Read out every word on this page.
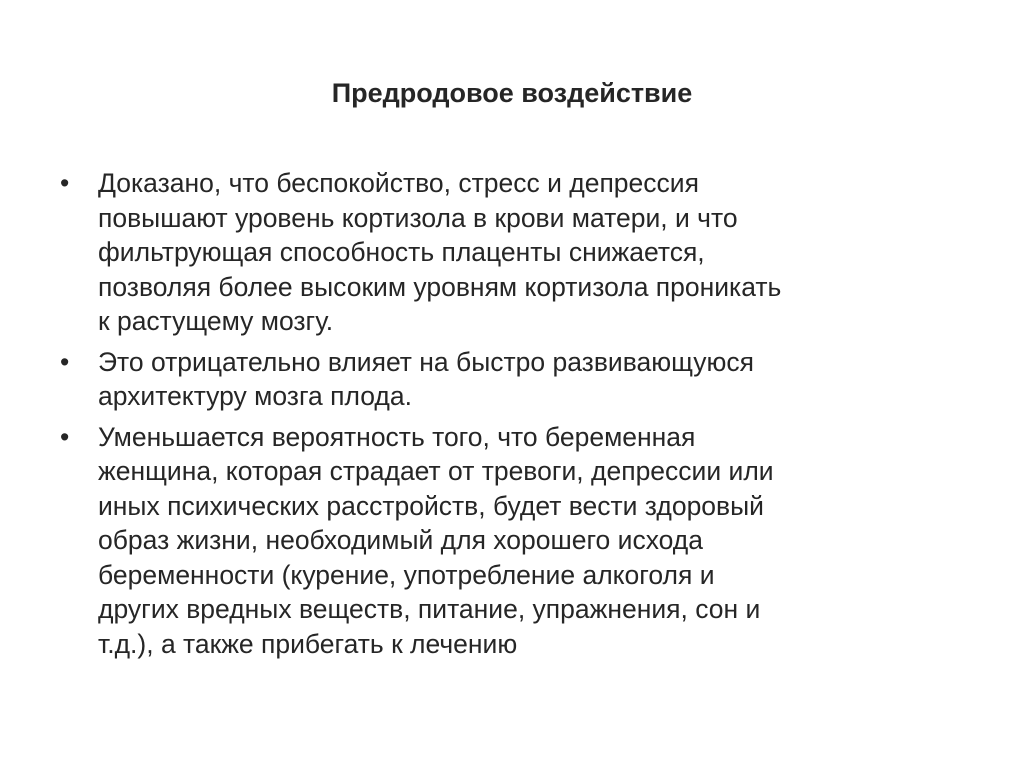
Предродовое воздействие
•	Доказано, что беспокойство, стресс и депрессия
повышают уровень кортизола в крови матери, и что
фильтрующая способность плаценты снижается,
позволяя более высоким уровням кортизола проникать
к растущему мозгу.
•	Это отрицательно влияет на быстро развивающуюся
архитектуру мозга плода.
•	Уменьшается вероятность того, что беременная
женщина, которая страдает от тревоги, депрессии или
иных психических расстройств, будет вести здоровый
образ жизни, необходимый для хорошего исхода
беременности (курение, употребление алкоголя и
других вредных веществ, питание, упражнения, сон и
т.д.), а также прибегать к лечению
